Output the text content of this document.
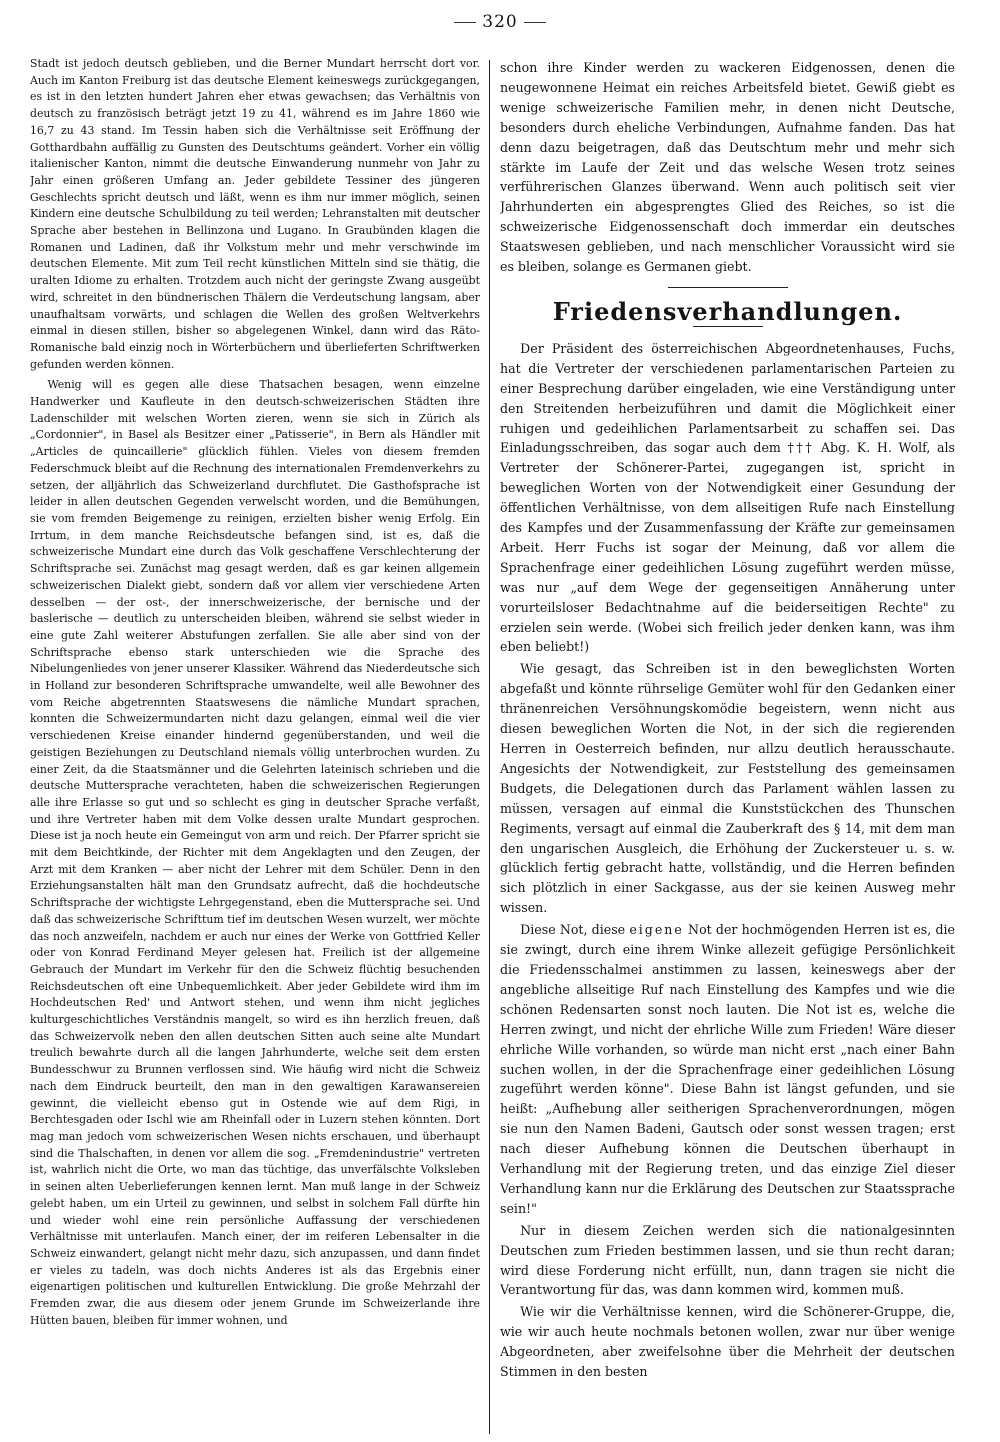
320

Stadt ist jedoch deutsch geblieben, und die Berner Mundart herrscht dort vor. Auch im Kanton Freiburg ist das deutsche Element keineswegs zurückgegangen, es ist in den letzten hundert Jahren eher etwas gewachsen; das Verhältnis von deutsch zu französisch beträgt jetzt 19 zu 41, während es im Jahre 1860 wie 16,7 zu 43 stand. Im Tessin haben sich die Verhältnisse seit Eröffnung der Gotthardbahn auffällig zu Gunsten des Deutschtums geändert. Vorher ein völlig italienischer Kanton, nimmt die deutsche Einwanderung nunmehr von Jahr zu Jahr einen größeren Umfang an. Jeder gebildete Tessiner des jüngeren Geschlechts spricht deutsch und läßt, wenn es ihm nur immer möglich, seinen Kindern eine deutsche Schulbildung zu teil werden; Lehranstalten mit deutscher Sprache aber bestehen in Bellinzona und Lugano. In Graubünden klagen die Romanen und Ladinen, daß ihr Volkstum mehr und mehr verschwinde im deutschen Elemente. Mit zum Teil recht künstlichen Mitteln sind sie thätig, die uralten Idiome zu erhalten. Trotzdem auch nicht der geringste Zwang ausgeübt wird, schreitet in den bündnerischen Thälern die Verdeutschung langsam, aber unaufhaltsam vorwärts, und schlagen die Wellen des großen Weltverkehrs einmal in diesen stillen, bisher so abgelegenen Winkel, dann wird das Räto-Romanische bald einzig noch in Wörterbüchern und überlieferten Schriftwerken gefunden werden können.

Wenig will es gegen alle diese Thatsachen besagen, wenn einzelne Handwerker und Kaufleute in den deutsch-schweizerischen Städten ihre Ladenschilder mit welschen Worten zieren, wenn sie sich in Zürich als „Cordonnier", in Basel als Besitzer einer „Patisserie", in Bern als Händler mit „Articles de quincaillerie" glücklich fühlen. Vieles von diesem fremden Federschmuck bleibt auf die Rechnung des internationalen Fremdenverkehrs zu setzen, der alljährlich das Schweizerland durchflutet. Die Gasthofsprache ist leider in allen deutschen Gegenden verwelscht worden, und die Bemühungen, sie vom fremden Beigemenge zu reinigen, erzielten bisher wenig Erfolg. Ein Irrtum, in dem manche Reichsdeutsche befangen sind, ist es, daß die schweizerische Mundart eine durch das Volk geschaffene Verschlechterung der Schriftsprache sei. Zunächst mag gesagt werden, daß es gar keinen allgemein schweizerischen Dialekt giebt, sondern daß vor allem vier verschiedene Arten desselben — der ost-, der innerschweizerische, der bernische und der baslerische — deutlich zu unterscheiden bleiben, während sie selbst wieder in eine gute Zahl weiterer Abstufungen zerfallen. Sie alle aber sind von der Schriftsprache ebenso stark unterschieden wie die Sprache des Nibelungenliedes von jener unserer Klassiker. Während das Niederdeutsche sich in Holland zur besonderen Schriftsprache umwandelte, weil alle Bewohner des vom Reiche abgetrennten Staatswesens die nämliche Mundart sprachen, konnten die Schweizermundarten nicht dazu gelangen, einmal weil die vier verschiedenen Kreise einander hindernd gegenüberstanden, und weil die geistigen Beziehungen zu Deutschland niemals völlig unterbrochen wurden. Zu einer Zeit, da die Staatsmänner und die Gelehrten lateinisch schrieben und die deutsche Muttersprache verachteten, haben die schweizerischen Regierungen alle ihre Erlasse so gut und so schlecht es ging in deutscher Sprache verfaßt, und ihre Vertreter haben mit dem Volke dessen uralte Mundart gesprochen. Diese ist ja noch heute ein Gemeingut von arm und reich. Der Pfarrer spricht sie mit dem Beichtkinde, der Richter mit dem Angeklagten und den Zeugen, der Arzt mit dem Kranken — aber nicht der Lehrer mit dem Schüler. Denn in den Erziehungsanstalten hält man den Grundsatz aufrecht, daß die hochdeutsche Schriftsprache der wichtigste Lehrgegenstand, eben die Muttersprache sei. Und daß das schweizerische Schrifttum tief im deutschen Wesen wurzelt, wer möchte das noch anzweifeln, nachdem er auch nur eines der Werke von Gottfried Keller oder von Konrad Ferdinand Meyer gelesen hat. Freilich ist der allgemeine Gebrauch der Mundart im Verkehr für den die Schweiz flüchtig besuchenden Reichsdeutschen oft eine Unbequemlichkeit. Aber jeder Gebildete wird ihm im Hochdeutschen Red' und Antwort stehen, und wenn ihm nicht jegliches kulturgeschichtliches Verständnis mangelt, so wird es ihn herzlich freuen, daß das Schweizervolk neben den allen deutschen Sitten auch seine alte Mundart treulich bewahrte durch all die langen Jahrhunderte, welche seit dem ersten Bundesschwur zu Brunnen verflossen sind. Wie häufig wird nicht die Schweiz nach dem Eindruck beurteilt, den man in den gewaltigen Karawansereien gewinnt, die vielleicht ebenso gut in Ostende wie auf dem Rigi, in Berchtesgaden oder Ischl wie am Rheinfall oder in Luzern stehen könnten. Dort mag man jedoch vom schweizerischen Wesen nichts erschauen, und überhaupt sind die Thalschaften, in denen vor allem die sog. „Fremdenindustrie" vertreten ist, wahrlich nicht die Orte, wo man das tüchtige, das unverfälschte Volksleben in seinen alten Ueberlieferungen kennen lernt. Man muß lange in der Schweiz gelebt haben, um ein Urteil zu gewinnen, und selbst in solchem Fall dürfte hin und wieder wohl eine rein persönliche Auffassung der verschiedenen Verhältnisse mit unterlaufen. Manch einer, der im reiferen Lebensalter in die Schweiz einwandert, gelangt nicht mehr dazu, sich anzupassen, und dann findet er vieles zu tadeln, was doch nichts Anderes ist als das Ergebnis einer eigenartigen politischen und kulturellen Entwicklung. Die große Mehrzahl der Fremden zwar, die aus diesem oder jenem Grunde im Schweizerlande ihre Hütten bauen, bleiben für immer wohnen, und

schon ihre Kinder werden zu wackeren Eidgenossen, denen die neugewonnene Heimat ein reiches Arbeitsfeld bietet. Gewiß giebt es wenige schweizerische Familien mehr, in denen nicht Deutsche, besonders durch eheliche Verbindungen, Aufnahme fanden. Das hat denn dazu beigetragen, daß das Deutschtum mehr und mehr sich stärkte im Laufe der Zeit und das welsche Wesen trotz seines verführerischen Glanzes überwand. Wenn auch politisch seit vier Jahrhunderten ein abgesprengtes Glied des Reiches, so ist die schweizerische Eidgenossenschaft doch immerdar ein deutsches Staatswesen geblieben, und nach menschlicher Voraussicht wird sie es bleiben, solange es Germanen giebt.

Friedensverhandlungen.

Der Präsident des österreichischen Abgeordnetenhauses, Fuchs, hat die Vertreter der verschiedenen parlamentarischen Parteien zu einer Besprechung darüber eingeladen, wie eine Verständigung unter den Streitenden herbeizuführen und damit die Möglichkeit einer ruhigen und gedeihlichen Parlamentsarbeit zu schaffen sei. Das Einladungsschreiben, das sogar auch dem ††† Abg. K. H. Wolf, als Vertreter der Schönerer-Partei, zugegangen ist, spricht in beweglichen Worten von der Notwendigkeit einer Gesundung der öffentlichen Verhältnisse, von dem allseitigen Rufe nach Einstellung des Kampfes und der Zusammenfassung der Kräfte zur gemeinsamen Arbeit. Herr Fuchs ist sogar der Meinung, daß vor allem die Sprachenfrage einer gedeihlichen Lösung zugeführt werden müsse, was nur „auf dem Wege der gegenseitigen Annäherung unter vorurteilsloser Bedachtnahme auf die beiderseitigen Rechte" zu erzielen sein werde. (Wobei sich freilich jeder denken kann, was ihm eben beliebt!)

Wie gesagt, das Schreiben ist in den beweglichsten Worten abgefaßt und könnte rührselige Gemüter wohl für den Gedanken einer thränenreichen Versöhnungskomödie begeistern, wenn nicht aus diesen beweglichen Worten die Not, in der sich die regierenden Herren in Oesterreich befinden, nur allzu deutlich herausschaute. Angesichts der Notwendigkeit, zur Feststellung des gemeinsamen Budgets, die Delegationen durch das Parlament wählen lassen zu müssen, versagen auf einmal die Kunststückchen des Thunschen Regiments, versagt auf einmal die Zauberkraft des § 14, mit dem man den ungarischen Ausgleich, die Erhöhung der Zuckersteuer u. s. w. glücklich fertig gebracht hatte, vollständig, und die Herren befinden sich plötzlich in einer Sackgasse, aus der sie keinen Ausweg mehr wissen.

Diese Not, diese eigene Not der hochmögenden Herren ist es, die sie zwingt, durch eine ihrem Winke allezeit gefügige Persönlichkeit die Friedensschalmei anstimmen zu lassen, keineswegs aber der angebliche allseitige Ruf nach Einstellung des Kampfes und wie die schönen Redensarten sonst noch lauten. Die Not ist es, welche die Herren zwingt, und nicht der ehrliche Wille zum Frieden! Wäre dieser ehrliche Wille vorhanden, so würde man nicht erst „nach einer Bahn suchen wollen, in der die Sprachenfrage einer gedeihlichen Lösung zugeführt werden könne". Diese Bahn ist längst gefunden, und sie heißt: „Aufhebung aller seitherigen Sprachenverordnungen, mögen sie nun den Namen Badeni, Gautsch oder sonst wessen tragen; erst nach dieser Aufhebung können die Deutschen überhaupt in Verhandlung mit der Regierung treten, und das einzige Ziel dieser Verhandlung kann nur die Erklärung des Deutschen zur Staatssprache sein!"

Nur in diesem Zeichen werden sich die nationalgesinnten Deutschen zum Frieden bestimmen lassen, und sie thun recht daran; wird diese Forderung nicht erfüllt, nun, dann tragen sie nicht die Verantwortung für das, was dann kommen wird, kommen muß.

Wie wir die Verhältnisse kennen, wird die Schönerer-Gruppe, die, wie wir auch heute nochmals betonen wollen, zwar nur über wenige Abgeordneten, aber zweifelsohne über die Mehrheit der deutschen Stimmen in den besten
